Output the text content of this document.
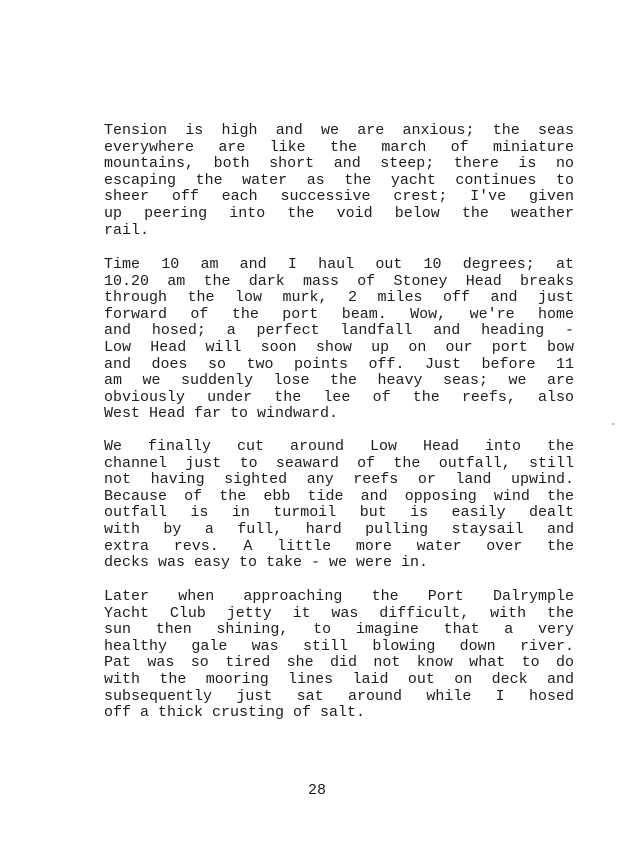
Tension is high and we are anxious; the seas
everywhere are like the march of miniature
mountains, both short and steep; there is no
escaping the water as the yacht continues to
sheer off each successive crest; I've given
up peering into the void below the weather
rail.
Time 10 am and I haul out 10 degrees; at
10.20 am the dark mass of Stoney Head breaks
through the low murk, 2 miles off and just
forward of the port beam. Wow, we're home
and hosed; a perfect landfall and heading -
Low Head will soon show up on our port bow
and does so two points off. Just before 11
am we suddenly lose the heavy seas; we are
obviously under the lee of the reefs, also
West Head far to windward.
We finally cut around Low Head into the
channel just to seaward of the outfall, still
not having sighted any reefs or land upwind.
Because of the ebb tide and opposing wind the
outfall is in turmoil but is easily dealt
with by a full, hard pulling staysail and
extra revs. A little more water over the
decks was easy to take - we were in.
Later when approaching the Port Dalrymple
Yacht Club jetty it was difficult, with the
sun then shining, to imagine that a very
healthy gale was still blowing down river.
Pat was so tired she did not know what to do
with the mooring lines laid out on deck and
subsequently just sat around while I hosed
off a thick crusting of salt.
28
